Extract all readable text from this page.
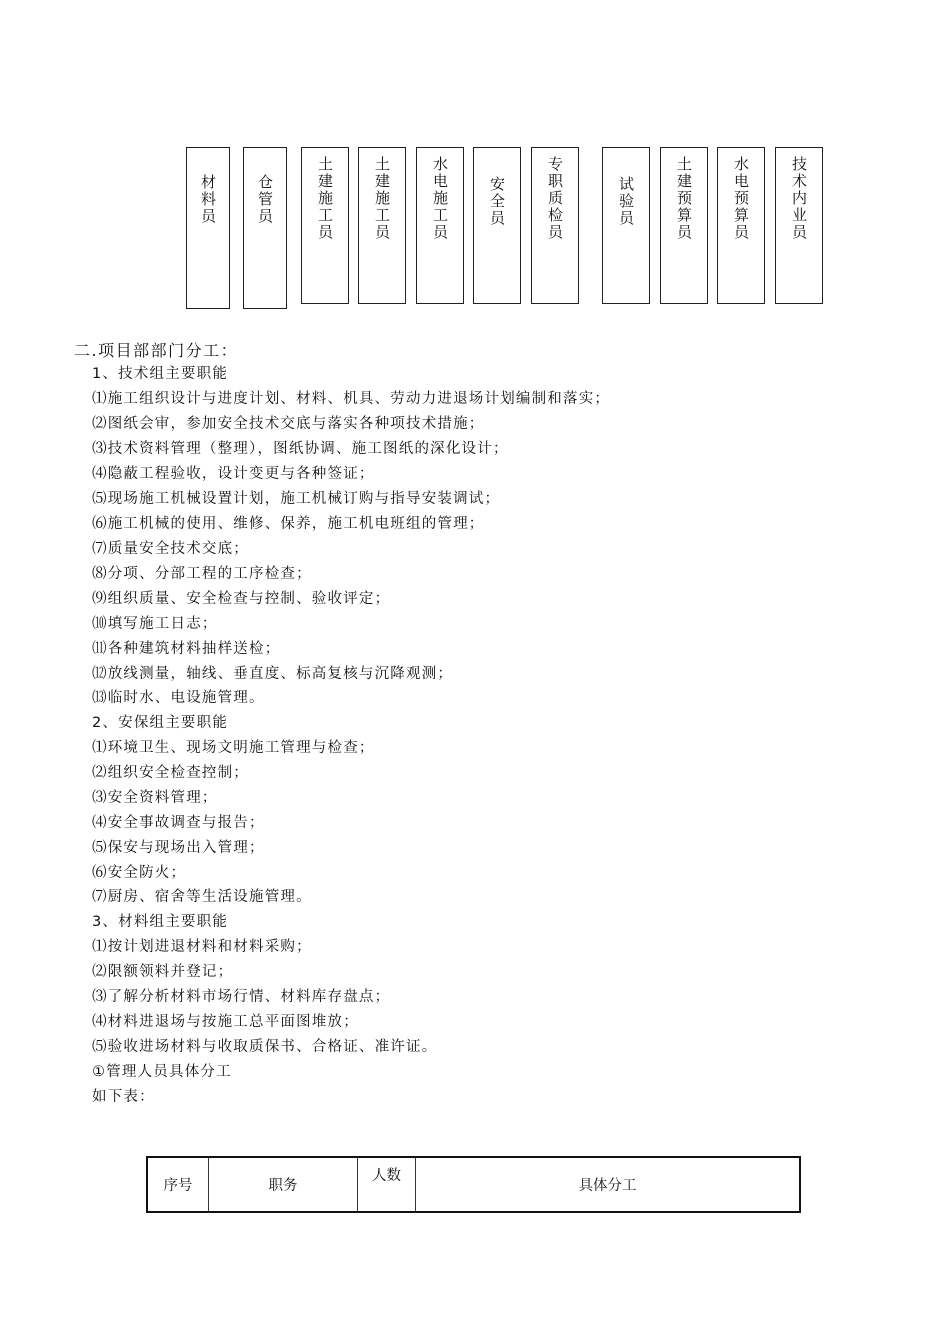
材料员	仓管员	土建施工员	土建施工员	水电施工员	安全员	专职质检员	试验员	土建预算员	水电预算员	技术内业员
二.项目部部门分工：
1、技术组主要职能
⑴施工组织设计与进度计划、材料、机具、劳动力进退场计划编制和落实；
⑵图纸会审，参加安全技术交底与落实各种项技术措施；
⑶技术资料管理（整理），图纸协调、施工图纸的深化设计；
⑷隐蔽工程验收，设计变更与各种签证；
⑸现场施工机械设置计划，施工机械订购与指导安装调试；
⑹施工机械的使用、维修、保养，施工机电班组的管理；
⑺质量安全技术交底；
⑻分项、分部工程的工序检查；
⑼组织质量、安全检查与控制、验收评定；
⑽填写施工日志；
⑾各种建筑材料抽样送检；
⑿放线测量，轴线、垂直度、标高复核与沉降观测；
⒀临时水、电设施管理。
2、安保组主要职能
⑴环境卫生、现场文明施工管理与检查；
⑵组织安全检查控制；
⑶安全资料管理；
⑷安全事故调查与报告；
⑸保安与现场出入管理；
⑹安全防火；
⑺厨房、宿舍等生活设施管理。
3、材料组主要职能
⑴按计划进退材料和材料采购；
⑵限额领料并登记；
⑶了解分析材料市场行情、材料库存盘点；
⑷材料进退场与按施工总平面图堆放；
⑸验收进场材料与收取质保书、合格证、准许证。
①管理人员具体分工
如下表：
序号	职务	人数	具体分工
